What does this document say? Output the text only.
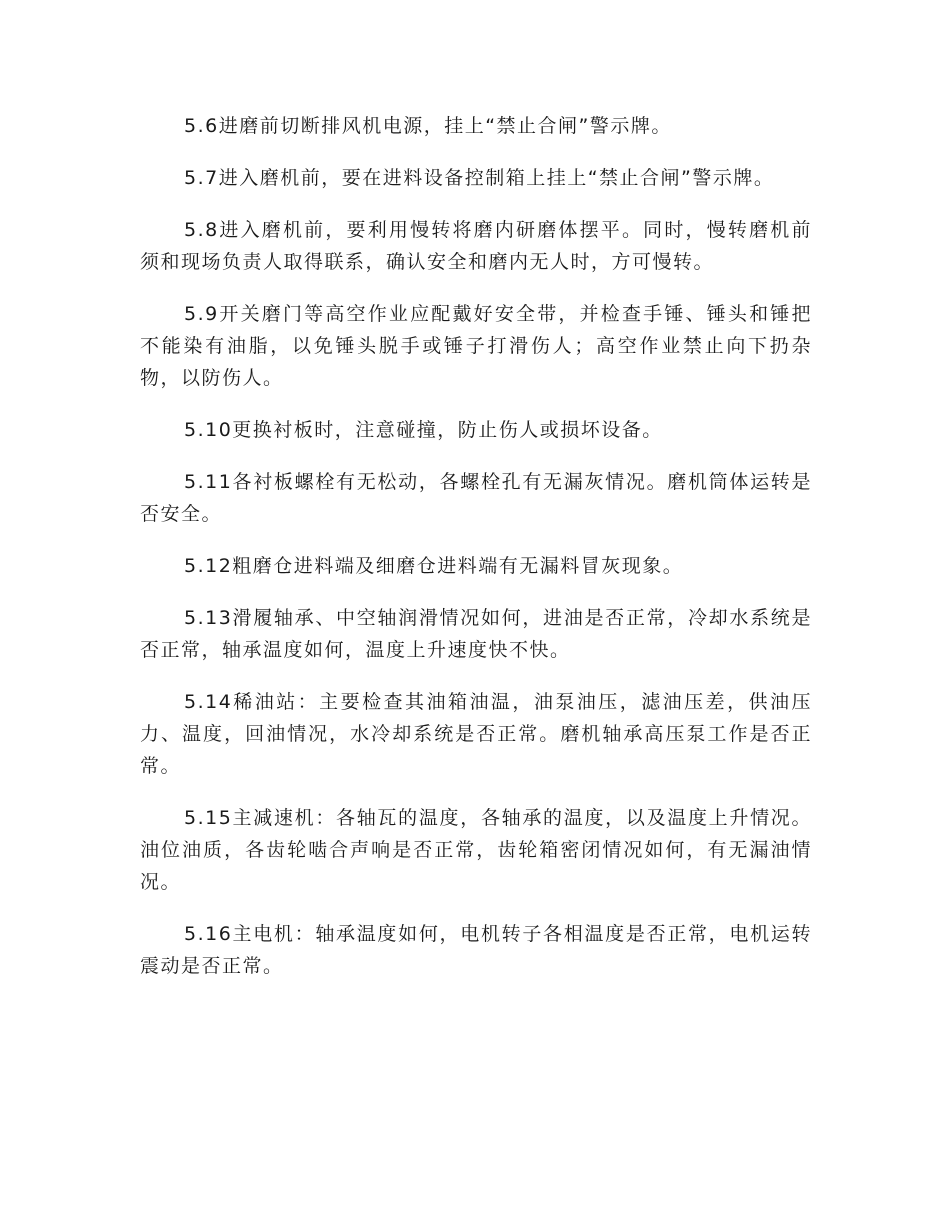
5.6进磨前切断排风机电源，挂上“禁止合闸”警示牌。

5.7进入磨机前，要在进料设备控制箱上挂上“禁止合闸”警示牌。

5.8进入磨机前，要利用慢转将磨内研磨体摆平。同时，慢转磨机前须和现场负责人取得联系，确认安全和磨内无人时，方可慢转。

5.9开关磨门等高空作业应配戴好安全带，并检查手锤、锤头和锤把不能染有油脂，以免锤头脱手或锤子打滑伤人；高空作业禁止向下扔杂物，以防伤人。

5.10更换衬板时，注意碰撞，防止伤人或损坏设备。

5.11各衬板螺栓有无松动，各螺栓孔有无漏灰情况。磨机筒体运转是否安全。

5.12粗磨仓进料端及细磨仓进料端有无漏料冒灰现象。

5.13滑履轴承、中空轴润滑情况如何，进油是否正常，冷却水系统是否正常，轴承温度如何，温度上升速度快不快。

5.14稀油站：主要检查其油箱油温，油泵油压，滤油压差，供油压力、温度，回油情况，水冷却系统是否正常。磨机轴承高压泵工作是否正常。

5.15主减速机：各轴瓦的温度，各轴承的温度，以及温度上升情况。油位油质，各齿轮啮合声响是否正常，齿轮箱密闭情况如何，有无漏油情况。

5.16主电机：轴承温度如何，电机转子各相温度是否正常，电机运转震动是否正常。
